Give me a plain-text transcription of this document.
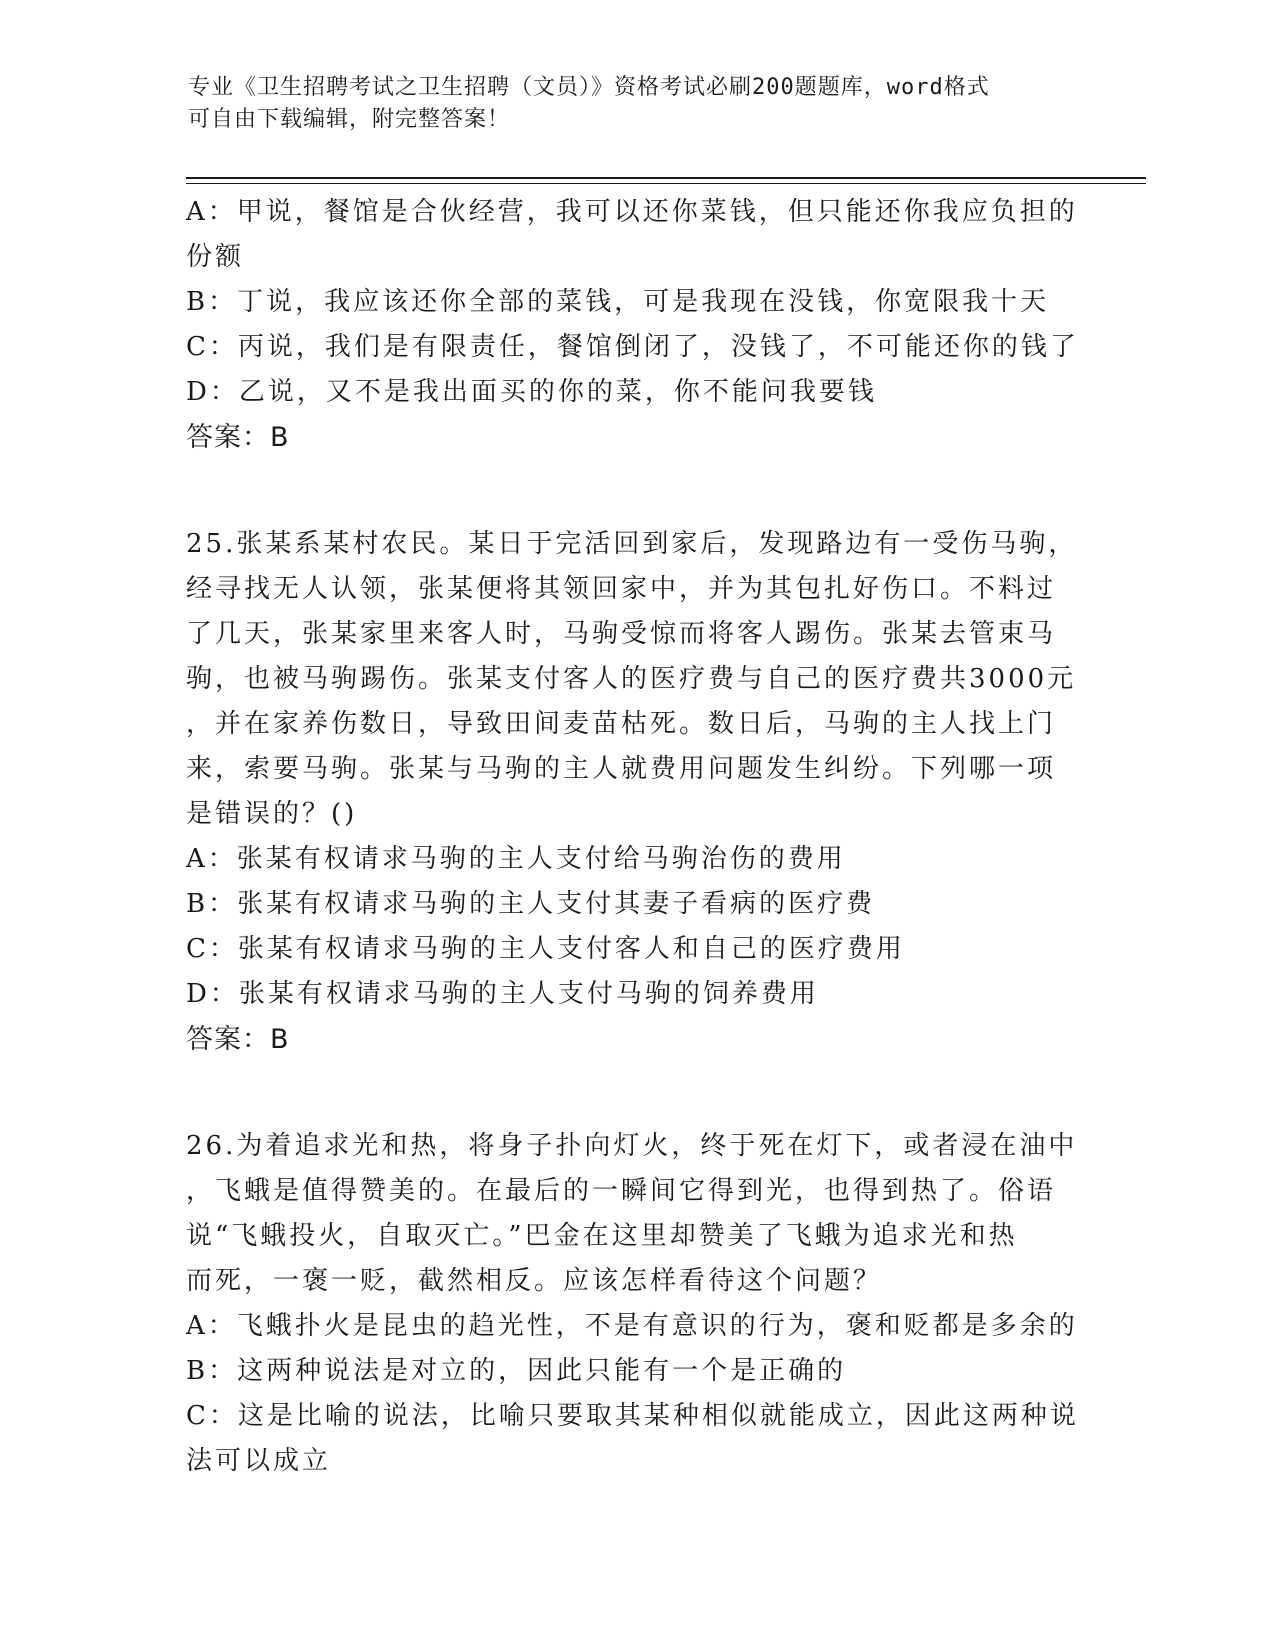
专业《卫生招聘考试之卫生招聘（文员）》资格考试必刷200题题库，word格式
可自由下载编辑，附完整答案！
A：甲说，餐馆是合伙经营，我可以还你菜钱，但只能还你我应负担的
份额
B：丁说，我应该还你全部的菜钱，可是我现在没钱，你宽限我十天
C：丙说，我们是有限责任，餐馆倒闭了，没钱了，不可能还你的钱了
D：乙说，又不是我出面买的你的菜，你不能问我要钱
答案：B
25.张某系某村农民。某日于完活回到家后，发现路边有一受伤马驹，
经寻找无人认领，张某便将其领回家中，并为其包扎好伤口。不料过
了几天，张某家里来客人时，马驹受惊而将客人踢伤。张某去管束马
驹，也被马驹踢伤。张某支付客人的医疗费与自己的医疗费共3000元
，并在家养伤数日，导致田间麦苗枯死。数日后，马驹的主人找上门
来，索要马驹。张某与马驹的主人就费用问题发生纠纷。下列哪一项
是错误的？()
A：张某有权请求马驹的主人支付给马驹治伤的费用
B：张某有权请求马驹的主人支付其妻子看病的医疗费
C：张某有权请求马驹的主人支付客人和自己的医疗费用
D：张某有权请求马驹的主人支付马驹的饲养费用
答案：B
26.为着追求光和热，将身子扑向灯火，终于死在灯下，或者浸在油中
，飞蛾是值得赞美的。在最后的一瞬间它得到光，也得到热了。俗语
说“飞蛾投火，自取灭亡。”巴金在这里却赞美了飞蛾为追求光和热
而死，一褒一贬，截然相反。应该怎样看待这个问题？
A：飞蛾扑火是昆虫的趋光性，不是有意识的行为，褒和贬都是多余的
B：这两种说法是对立的，因此只能有一个是正确的
C：这是比喻的说法，比喻只要取其某种相似就能成立，因此这两种说
法可以成立
